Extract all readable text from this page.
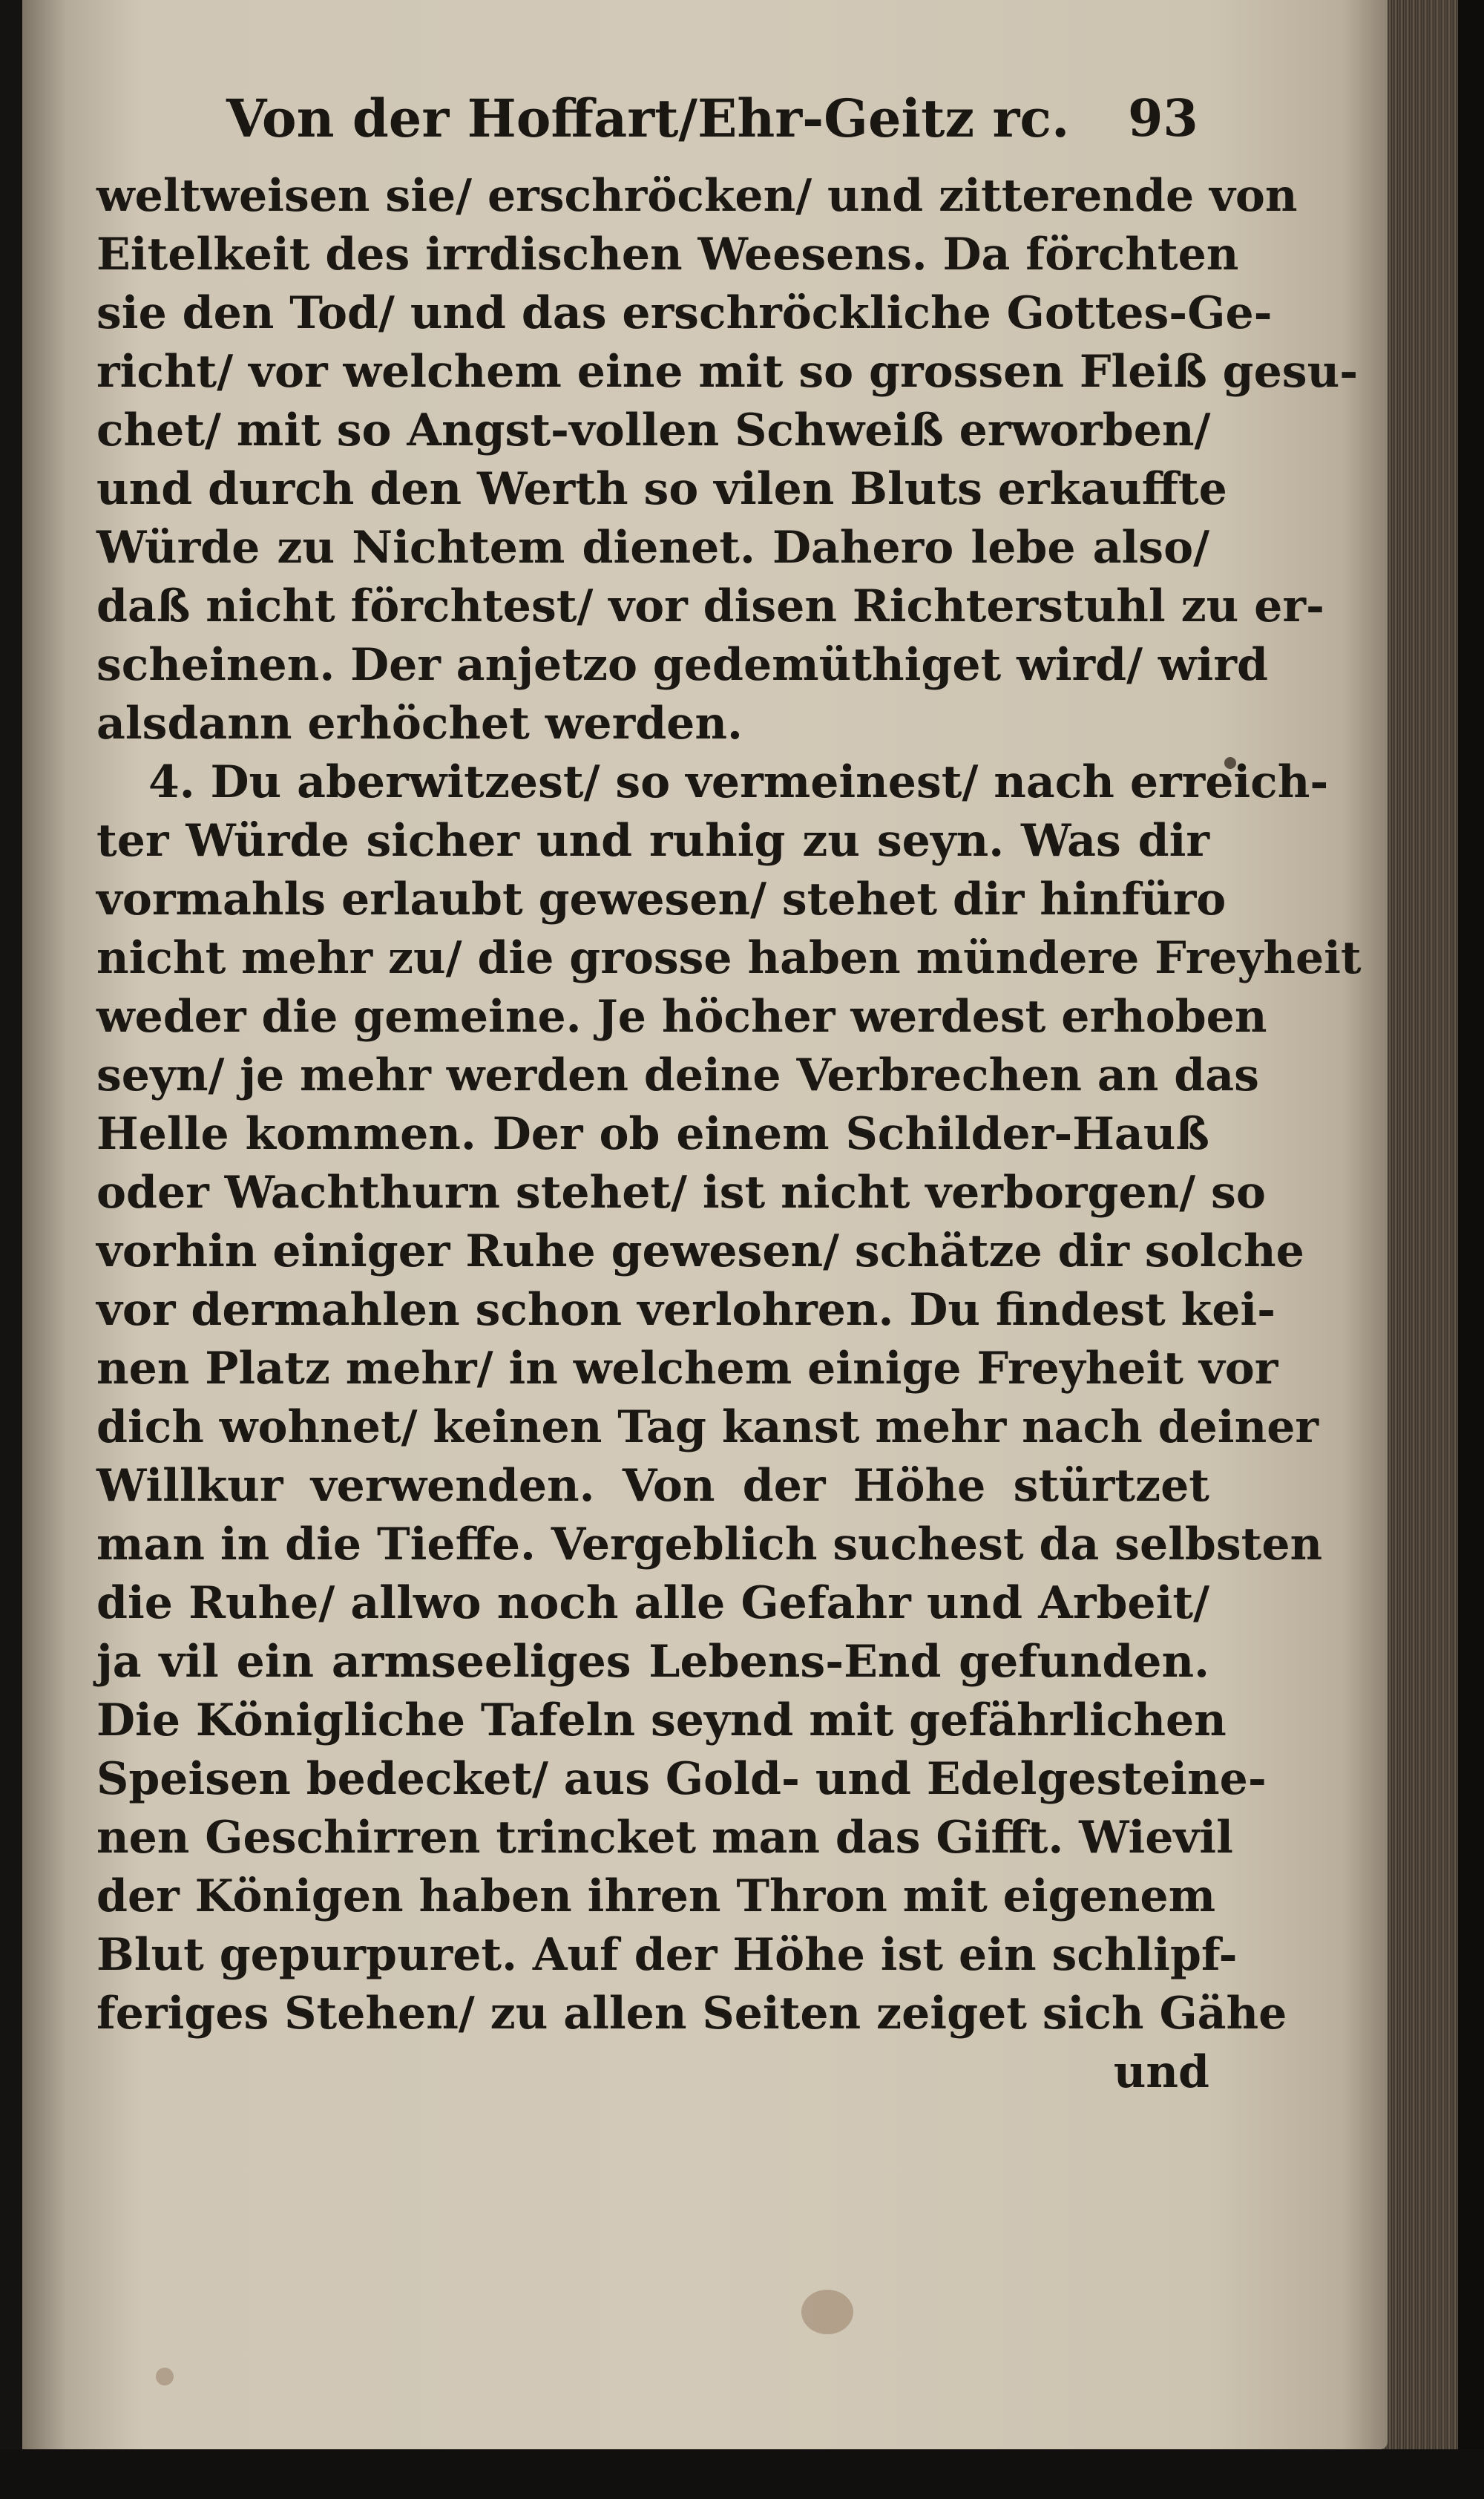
Von der Hoffart/Ehr-Geitz rc. 93
weltweisen sie/ erschröcken/ und zitterende von
Eitelkeit des irrdischen Weesens. Da förchten
sie den Tod/ und das erschröckliche Gottes-Ge-
richt/ vor welchem eine mit so grossen Fleiß gesu-
chet/ mit so Angst-vollen Schweiß erworben/
und durch den Werth so vilen Bluts erkauffte
Würde zu Nichtem dienet. Dahero lebe also/
daß nicht förchtest/ vor disen Richterstuhl zu er-
scheinen. Der anjetzo gedemüthiget wird/ wird
alsdann erhöchet werden.
4. Du aberwitzest/ so vermeinest/ nach erreich-
ter Würde sicher und ruhig zu seyn. Was dir
vormahls erlaubt gewesen/ stehet dir hinfüro
nicht mehr zu/ die grosse haben mündere Freyheit
weder die gemeine. Je höcher werdest erhoben
seyn/ je mehr werden deine Verbrechen an das
Helle kommen. Der ob einem Schilder-Hauß
oder Wachthurn stehet/ ist nicht verborgen/ so
vorhin einiger Ruhe gewesen/ schätze dir solche
vor dermahlen schon verlohren. Du findest kei-
nen Platz mehr/ in welchem einige Freyheit vor
dich wohnet/ keinen Tag kanst mehr nach deiner
Willkur verwenden. Von der Höhe stürtzet
man in die Tieffe. Vergeblich suchest da selbsten
die Ruhe/ allwo noch alle Gefahr und Arbeit/
ja vil ein armseeliges Lebens-End gefunden.
Die Königliche Tafeln seynd mit gefährlichen
Speisen bedecket/ aus Gold- und Edelgesteine-
nen Geschirren trincket man das Gifft. Wievil
der Königen haben ihren Thron mit eigenem
Blut gepurpuret. Auf der Höhe ist ein schlipf-
feriges Stehen/ zu allen Seiten zeiget sich Gähe
und
